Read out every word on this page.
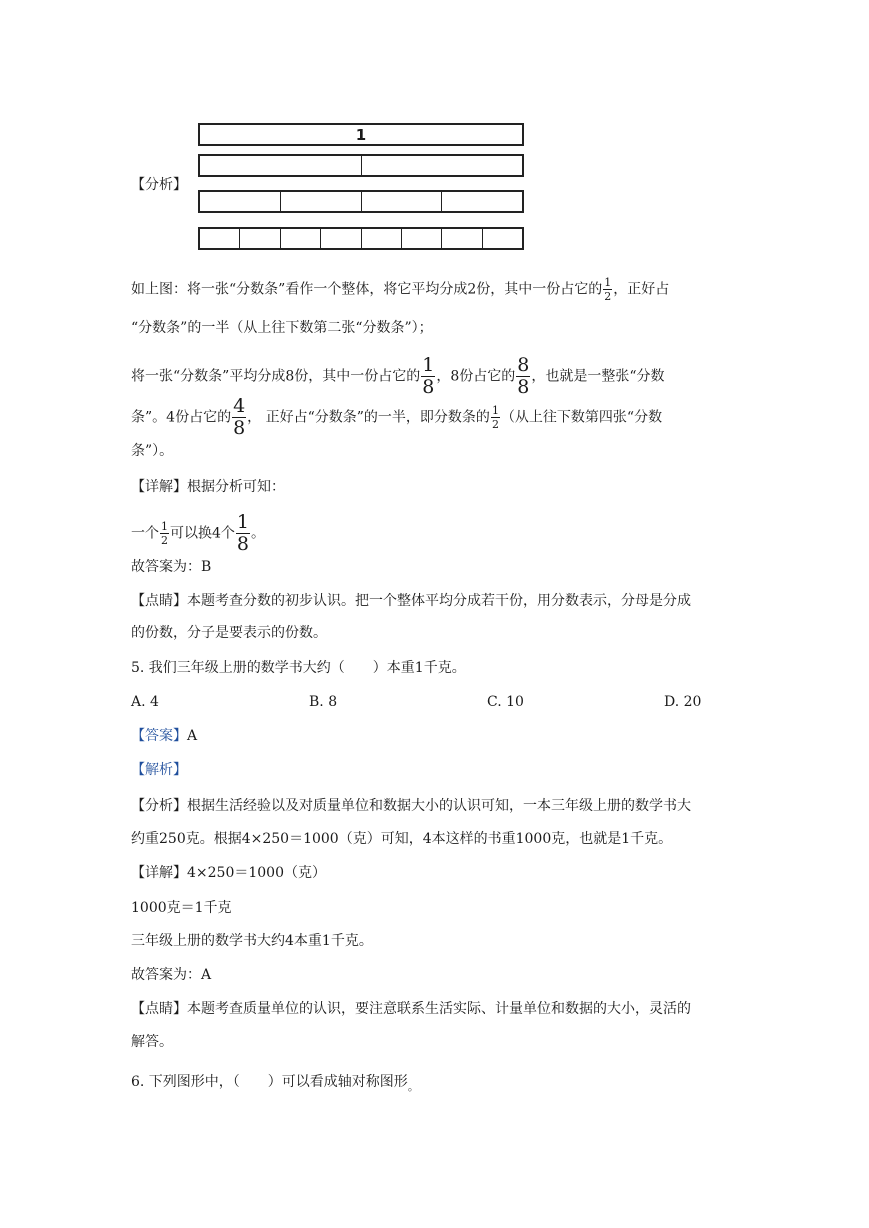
1
【分析】
如上图：将一张“分数条”看作一个整体，将它平均分成2份，其中一份占它的 $\frac{1}{2}$ ，正好占
“分数条”的一半（从上往下数第二张“分数条”）；
将一张“分数条”平均分成8份，其中一份占它的 $\frac{1}{8}$ ，8份占它的 $\frac{8}{8}$ ，也就是一整张“分数
条”。4份占它的 $\frac{4}{8}$ ， 正好占“分数条”的一半，即分数条的 $\frac{1}{2}$ （从上往下数第四张“分数
条”）。
【详解】根据分析可知：
一个 $\frac{1}{2}$ 可以换4个 $\frac{1}{8}$ 。
故答案为：B
【点睛】本题考查分数的初步认识。把一个整体平均分成若干份，用分数表示，分母是分成
的份数，分子是要表示的份数。
5. 我们三年级上册的数学书大约（　　）本重1千克。
A. 4	B. 8	C. 10	D. 20
【答案】A
【解析】
【分析】根据生活经验以及对质量单位和数据大小的认识可知，一本三年级上册的数学书大
约重250克。根据4×250＝1000（克）可知，4本这样的书重1000克，也就是1千克。
【详解】4×250＝1000（克）
1000克＝1千克
三年级上册的数学书大约4本重1千克。
故答案为：A
【点睛】本题考查质量单位的认识，要注意联系生活实际、计量单位和数据的大小，灵活的
解答。
6. 下列图形中，（　　）可以看成轴对称图形$_。$
